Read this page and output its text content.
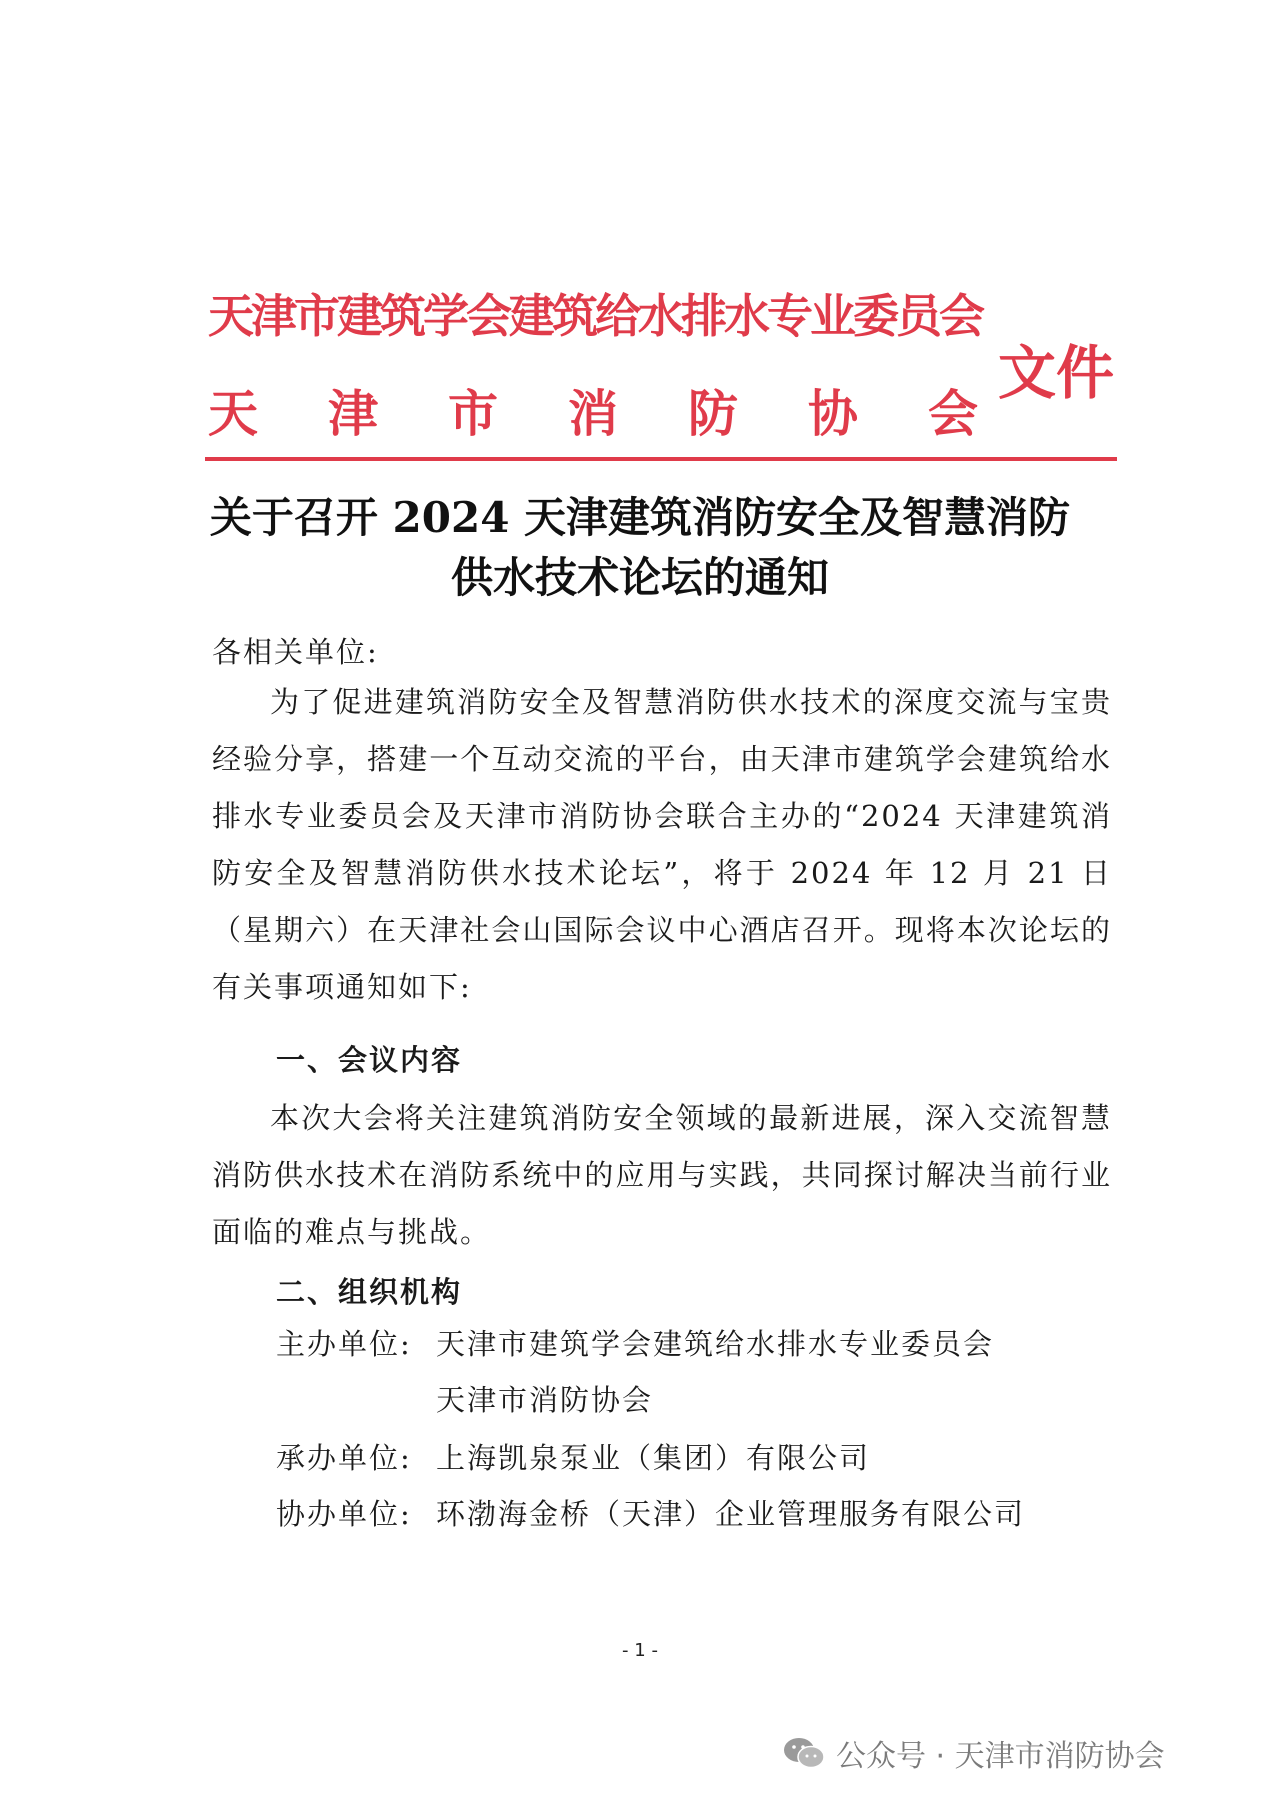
天津市建筑学会建筑给水排水专业委员会
天 津 市 消 防 协 会
文件
关于召开 2024 天津建筑消防安全及智慧消防
供水技术论坛的通知
各相关单位:
为了促进建筑消防安全及智慧消防供水技术的深度交流与宝贵经验分享，搭建一个互动交流的平台，由天津市建筑学会建筑给水排水专业委员会及天津市消防协会联合主办的“2024 天津建筑消防安全及智慧消防供水技术论坛”，将于 2024 年 12 月 21 日（星期六）在天津社会山国际会议中心酒店召开。现将本次论坛的有关事项通知如下:
一、会议内容
本次大会将关注建筑消防安全领域的最新进展，深入交流智慧消防供水技术在消防系统中的应用与实践，共同探讨解决当前行业面临的难点与挑战。
二、组织机构
主办单位: 天津市建筑学会建筑给水排水专业委员会
天津市消防协会
承办单位: 上海凯泉泵业（集团）有限公司
协办单位: 环渤海金桥（天津）企业管理服务有限公司
- 1 -
公众号 · 天津市消防协会
